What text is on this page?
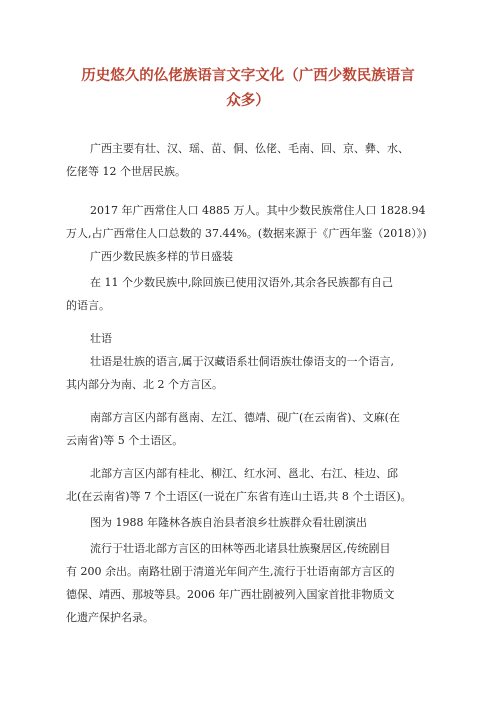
历史悠久的仫佬族语言文字文化（广西少数民族语言
众多）
广西主要有壮、汉、瑶、苗、侗、仫佬、毛南、回、京、彝、水、
仡佬等 12 个世居民族。
2017 年广西常住人口 4885 万人。其中少数民族常住人口 1828.94
万人,占广西常住人口总数的 37.44%。(数据来源于《广西年鉴（2018）》)
广西少数民族多样的节日盛装
在 11 个少数民族中,除回族已使用汉语外,其余各民族都有自己
的语言。
壮语
壮语是壮族的语言,属于汉藏语系壮侗语族壮傣语支的一个语言,
其内部分为南、北 2 个方言区。
南部方言区内部有邕南、左江、德靖、砚广(在云南省)、文麻(在
云南省)等 5 个土语区。
北部方言区内部有桂北、柳江、红水河、邕北、右江、桂边、邱
北(在云南省)等 7 个土语区(一说在广东省有连山土语,共 8 个土语区)。
图为 1988 年隆林各族自治县者浪乡壮族群众看壮剧演出
流行于壮语北部方言区的田林等西北诸县壮族聚居区,传统剧目
有 200 余出。南路壮剧于清道光年间产生,流行于壮语南部方言区的
德保、靖西、那坡等县。2006 年广西壮剧被列入国家首批非物质文
化遗产保护名录。
